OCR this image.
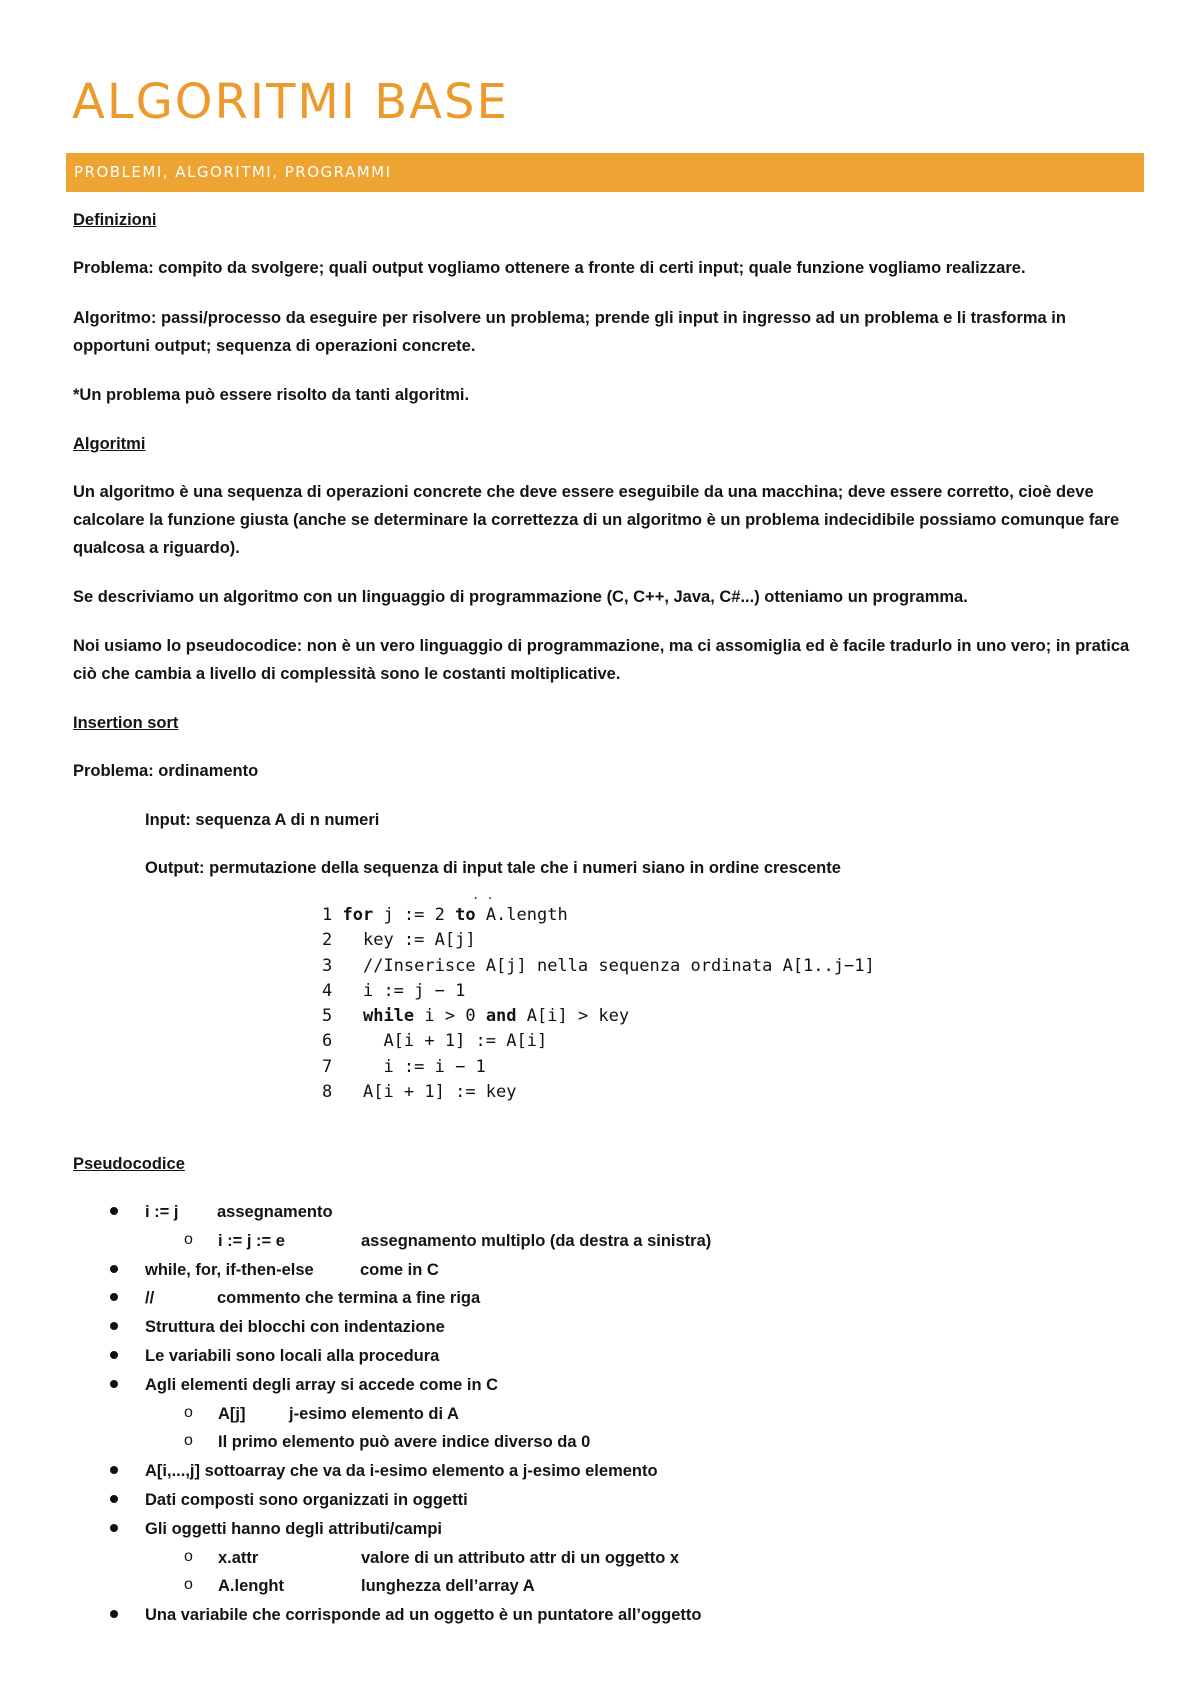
ALGORITMI BASE
PROBLEMI, ALGORITMI, PROGRAMMI

Definizioni

Problema: compito da svolgere; quali output vogliamo ottenere a fronte di certi input; quale funzione vogliamo realizzare.

Algoritmo: passi/processo da eseguire per risolvere un problema; prende gli input in ingresso ad un problema e li trasforma in opportuni output; sequenza di operazioni concrete.

*Un problema può essere risolto da tanti algoritmi.

Algoritmi

Un algoritmo è una sequenza di operazioni concrete che deve essere eseguibile da una macchina; deve essere corretto, cioè deve calcolare la funzione giusta (anche se determinare la correttezza di un algoritmo è un problema indecidibile possiamo comunque fare qualcosa a riguardo).

Se descriviamo un algoritmo con un linguaggio di programmazione (C, C++, Java, C#...) otteniamo un programma.

Noi usiamo lo pseudocodice: non è un vero linguaggio di programmazione, ma ci assomiglia ed è facile tradurlo in uno vero; in pratica ciò che cambia a livello di complessità sono le costanti moltiplicative.

Insertion sort

Problema: ordinamento

Input: sequenza A di n numeri

Output: permutazione della sequenza di input tale che i numeri siano in ordine crescente

. .
1 for j := 2 to A.length
2   key := A[j]
3   //Inserisce A[j] nella sequenza ordinata A[1..j−1]
4   i := j − 1
5   while i > 0 and A[i] > key
6     A[i + 1] := A[i]
7     i := i − 1
8   A[i + 1] := key

Pseudocodice

i := j assegnamento
o i := j := e	assegnamento multiplo (da destra a sinistra)
while, for, if-then-else	come in C
//	commento che termina a fine riga
Struttura dei blocchi con indentazione
Le variabili sono locali alla procedura
Agli elementi degli array si accede come in C
o A[j]	j-esimo elemento di A
o Il primo elemento può avere indice diverso da 0
A[i,...,j] sottoarray che va da i-esimo elemento a j-esimo elemento
Dati composti sono organizzati in oggetti
Gli oggetti hanno degli attributi/campi
o x.attr	valore di un attributo attr di un oggetto x
o A.lenght	lunghezza dell’array A
Una variabile che corrisponde ad un oggetto è un puntatore all’oggetto
